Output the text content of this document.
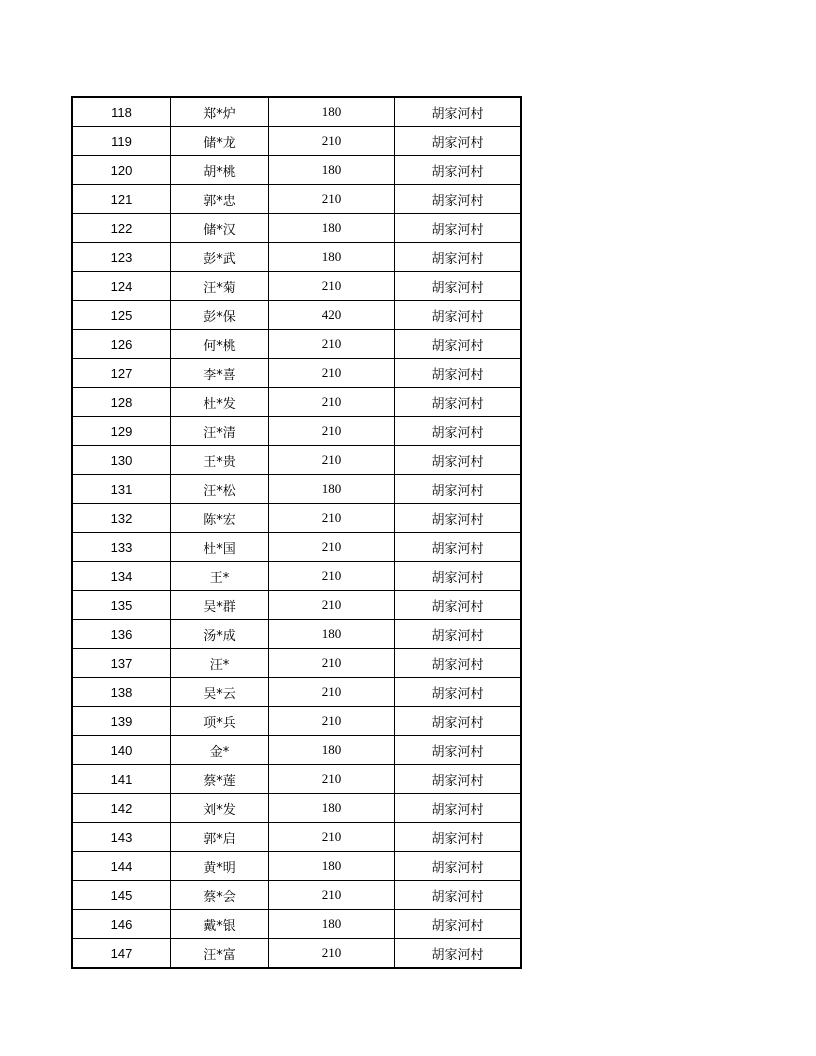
118	郑*炉	180	胡家河村
119	储*龙	210	胡家河村
120	胡*桃	180	胡家河村
121	郭*忠	210	胡家河村
122	储*汉	180	胡家河村
123	彭*武	180	胡家河村
124	汪*菊	210	胡家河村
125	彭*保	420	胡家河村
126	何*桃	210	胡家河村
127	李*喜	210	胡家河村
128	杜*发	210	胡家河村
129	汪*清	210	胡家河村
130	王*贵	210	胡家河村
131	汪*松	180	胡家河村
132	陈*宏	210	胡家河村
133	杜*国	210	胡家河村
134	王*	210	胡家河村
135	吴*群	210	胡家河村
136	汤*成	180	胡家河村
137	汪*	210	胡家河村
138	吴*云	210	胡家河村
139	项*兵	210	胡家河村
140	金*	180	胡家河村
141	蔡*莲	210	胡家河村
142	刘*发	180	胡家河村
143	郭*启	210	胡家河村
144	黄*明	180	胡家河村
145	蔡*会	210	胡家河村
146	戴*银	180	胡家河村
147	汪*富	210	胡家河村
